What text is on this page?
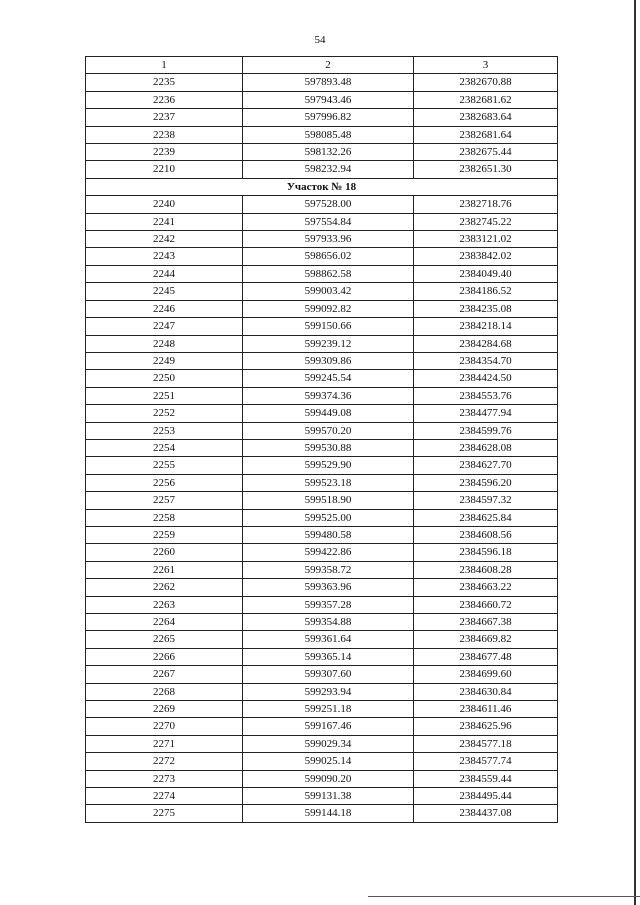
54
1	2	3
2235	597893.48	2382670.88
2236	597943.46	2382681.62
2237	597996.82	2382683.64
2238	598085.48	2382681.64
2239	598132.26	2382675.44
2210	598232.94	2382651.30
Участок № 18		
2240	597528.00	2382718.76
2241	597554.84	2382745.22
2242	597933.96	2383121.02
2243	598656.02	2383842.02
2244	598862.58	2384049.40
2245	599003.42	2384186.52
2246	599092.82	2384235.08
2247	599150.66	2384218.14
2248	599239.12	2384284.68
2249	599309.86	2384354.70
2250	599245.54	2384424.50
2251	599374.36	2384553.76
2252	599449.08	2384477.94
2253	599570.20	2384599.76
2254	599530.88	2384628.08
2255	599529.90	2384627.70
2256	599523.18	2384596.20
2257	599518.90	2384597.32
2258	599525.00	2384625.84
2259	599480.58	2384608.56
2260	599422.86	2384596.18
2261	599358.72	2384608.28
2262	599363.96	2384663.22
2263	599357.28	2384660.72
2264	599354.88	2384667.38
2265	599361.64	2384669.82
2266	599365.14	2384677.48
2267	599307.60	2384699.60
2268	599293.94	2384630.84
2269	599251.18	2384611.46
2270	599167.46	2384625.96
2271	599029.34	2384577.18
2272	599025.14	2384577.74
2273	599090.20	2384559.44
2274	599131.38	2384495.44
2275	599144.18	2384437.08
